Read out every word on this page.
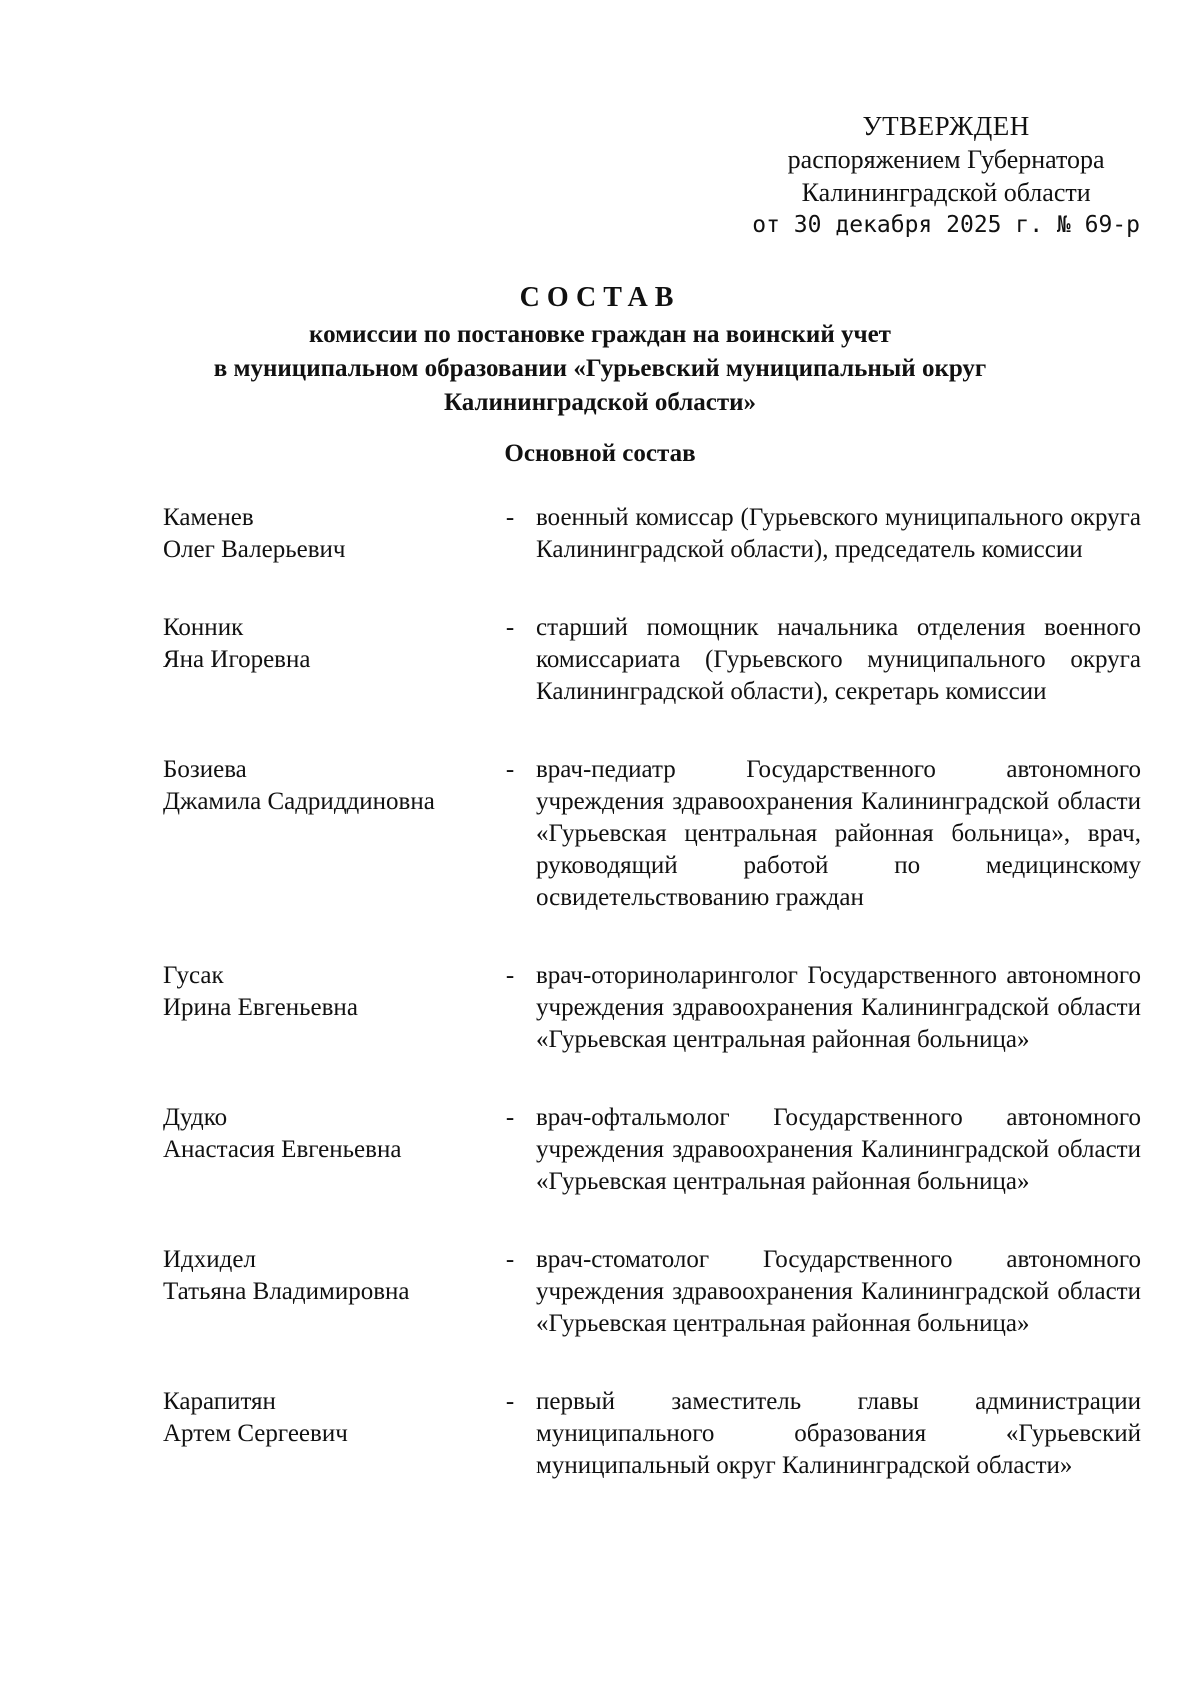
УТВЕРЖДЕН
распоряжением Губернатора
Калининградской области
от 30 декабря 2025 г. № 69-р
СОСТАВ
комиссии по постановке граждан на воинский учет
в муниципальном образовании «Гурьевский муниципальный округ
Калининградской области»
Основной состав
Каменев
Олег Валерьевич
- военный комиссар (Гурьевского муниципального округа Калининградской области), председатель комиссии
Конник
Яна Игоревна
- старший помощник начальника отделения военного комиссариата (Гурьевского муниципального округа Калининградской области), секретарь комиссии
Бозиева
Джамила Садриддиновна
- врач-педиатр Государственного автономного учреждения здравоохранения Калининградской области «Гурьевская центральная районная больница», врач, руководящий работой по медицинскому освидетельствованию граждан
Гусак
Ирина Евгеньевна
- врач-оториноларинголог Государственного автономного учреждения здравоохранения Калининградской области «Гурьевская центральная районная больница»
Дудко
Анастасия Евгеньевна
- врач-офтальмолог Государственного автономного учреждения здравоохранения Калининградской области «Гурьевская центральная районная больница»
Идхидел
Татьяна Владимировна
- врач-стоматолог Государственного автономного учреждения здравоохранения Калининградской области «Гурьевская центральная районная больница»
Карапитян
Артем Сергеевич
- первый заместитель главы администрации муниципального образования «Гурьевский муниципальный округ Калининградской области»
